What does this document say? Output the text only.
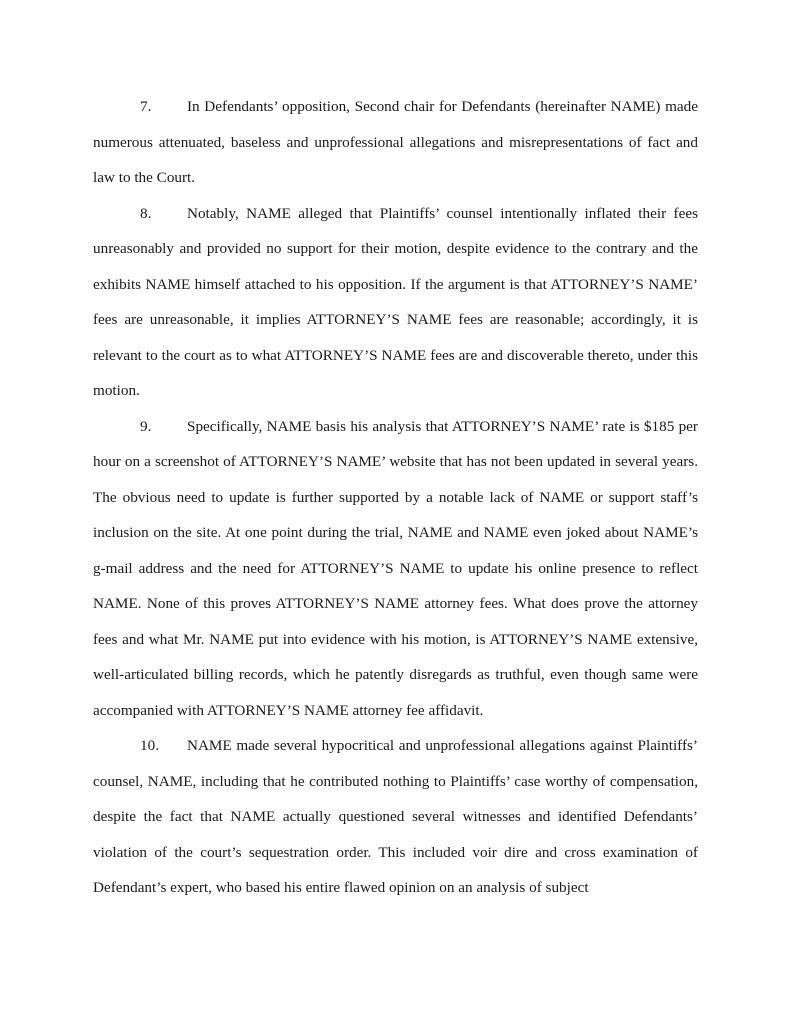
7. In Defendants’ opposition, Second chair for Defendants (hereinafter NAME) made numerous attenuated, baseless and unprofessional allegations and misrepresentations of fact and law to the Court.

8. Notably, NAME alleged that Plaintiffs’ counsel intentionally inflated their fees unreasonably and provided no support for their motion, despite evidence to the contrary and the exhibits NAME himself attached to his opposition. If the argument is that ATTORNEY’S NAME’ fees are unreasonable, it implies ATTORNEY’S NAME fees are reasonable; accordingly, it is relevant to the court as to what ATTORNEY’S NAME fees are and discoverable thereto, under this motion.

9. Specifically, NAME basis his analysis that ATTORNEY’S NAME’ rate is $185 per hour on a screenshot of ATTORNEY’S NAME’ website that has not been updated in several years. The obvious need to update is further supported by a notable lack of NAME or support staff’s inclusion on the site. At one point during the trial, NAME and NAME even joked about NAME’s g-mail address and the need for ATTORNEY’S NAME to update his online presence to reflect NAME. None of this proves ATTORNEY’S NAME attorney fees. What does prove the attorney fees and what Mr. NAME put into evidence with his motion, is ATTORNEY’S NAME extensive, well-articulated billing records, which he patently disregards as truthful, even though same were accompanied with ATTORNEY’S NAME attorney fee affidavit.

10. NAME made several hypocritical and unprofessional allegations against Plaintiffs’ counsel, NAME, including that he contributed nothing to Plaintiffs’ case worthy of compensation, despite the fact that NAME actually questioned several witnesses and identified Defendants’ violation of the court’s sequestration order. This included voir dire and cross examination of Defendant’s expert, who based his entire flawed opinion on an analysis of subject
